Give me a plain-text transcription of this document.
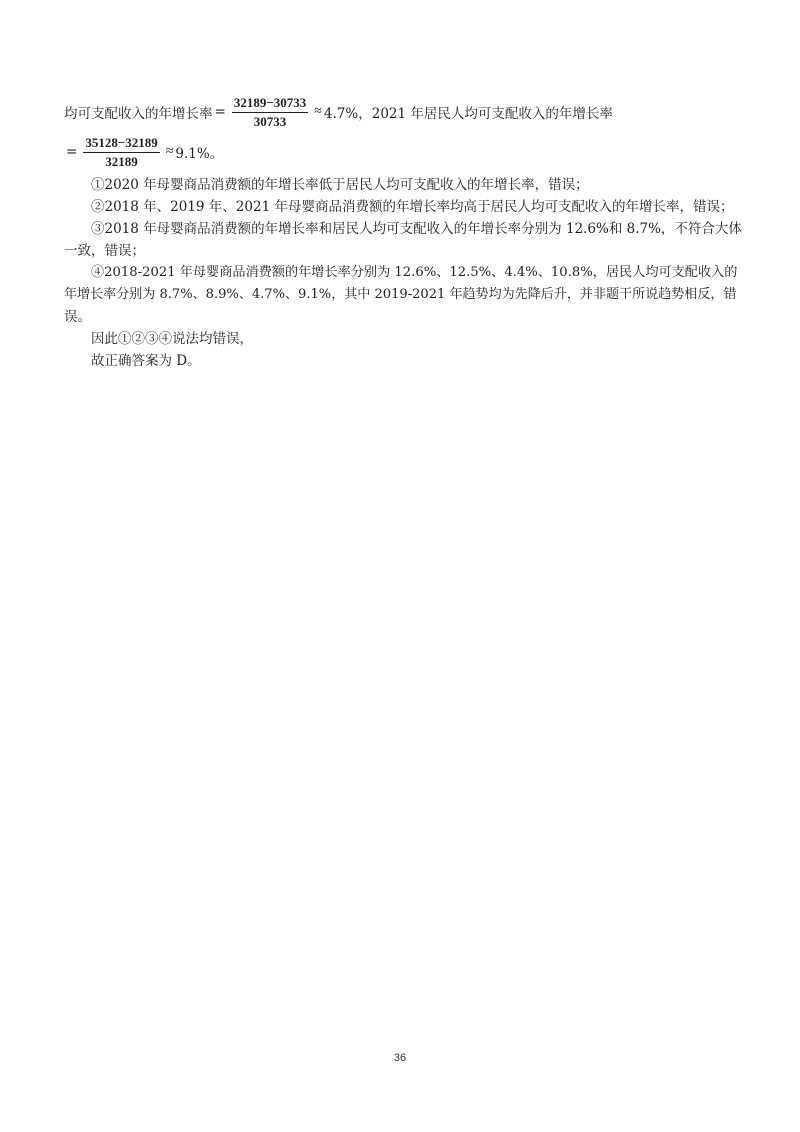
均可支配收入的年增长率 = $\frac{32189-30733}{30733} \approx 4.7\%$， 2021 年居民人均可支配收入的年增长率
= $\frac{35128-32189}{32189} \approx 9.1\%$。
①2020 年母婴商品消费额的年增长率低于居民人均可支配收入的年增长率，错误；
②2018 年、2019 年、2021 年母婴商品消费额的年增长率均高于居民人均可支配收入的年增长率，错误；
③2018 年母婴商品消费额的年增长率和居民人均可支配收入的年增长率分别为 12.6%和 8.7%，不符合大体
一致，错误；
④2018-2021 年母婴商品消费额的年增长率分别为 12.6%、12.5%、4.4%、10.8%，居民人均可支配收入的
年增长率分别为 8.7%、8.9%、4.7%、9.1%，其中 2019-2021 年趋势均为先降后升，并非题干所说趋势相反，错
误。
因此①②③④说法均错误，
故正确答案为 D。
36
